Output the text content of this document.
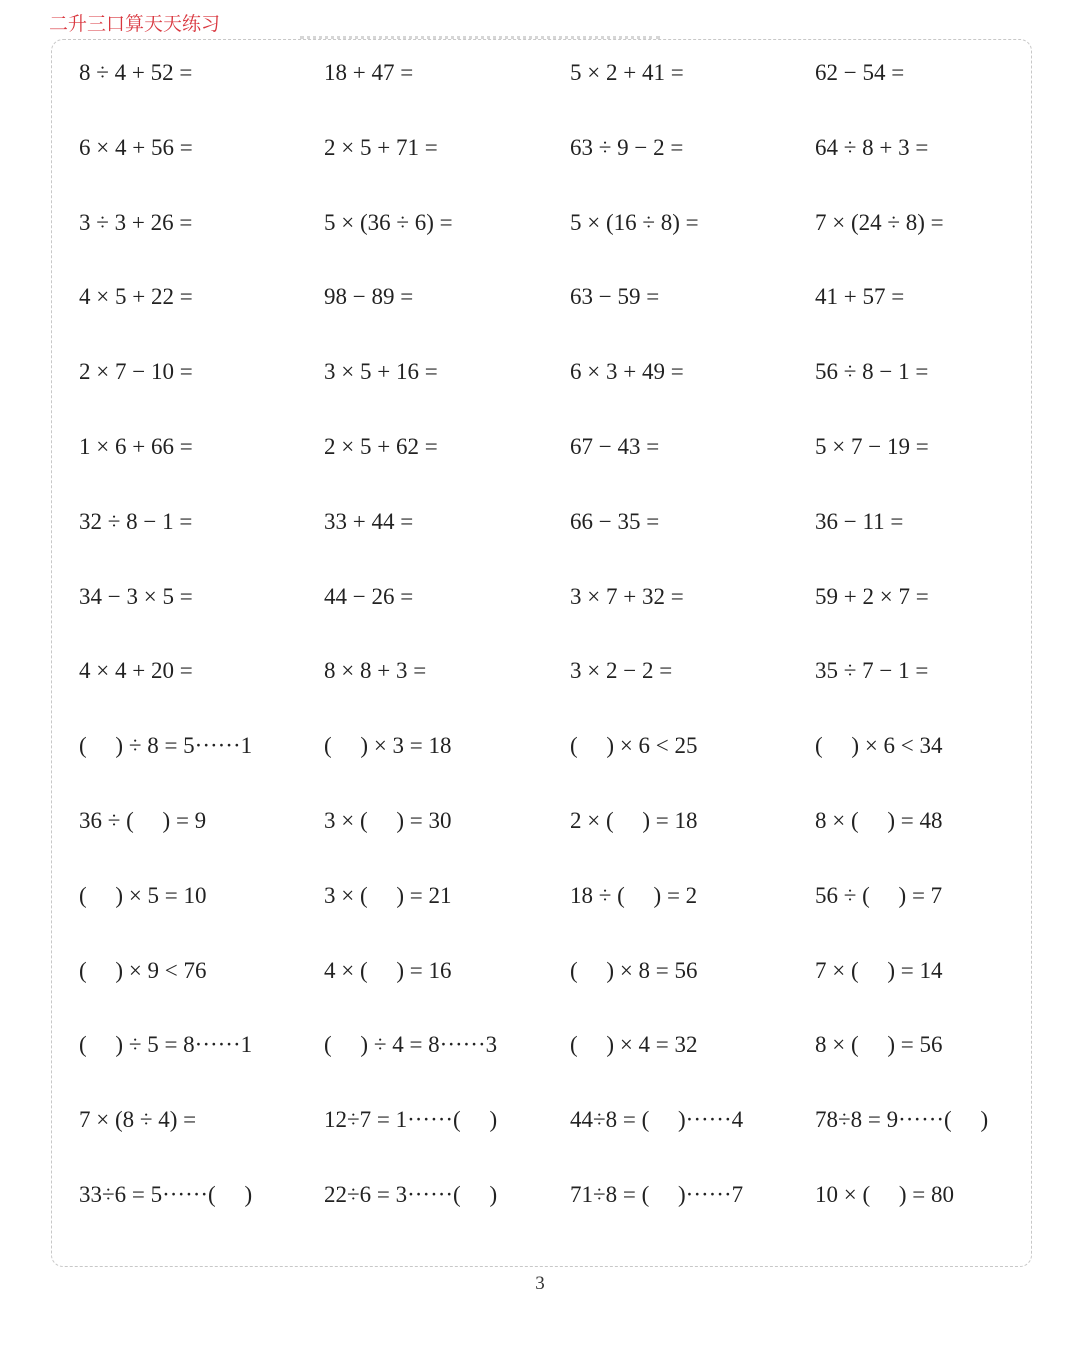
二升三口算天天练习
8 ÷ 4 + 52 =	18 + 47 =	5 × 2 + 41 =	62 − 54 =
6 × 4 + 56 =	2 × 5 + 71 =	63 ÷ 9 − 2 =	64 ÷ 8 + 3 =
3 ÷ 3 + 26 =	5 × (36 ÷ 6) =	5 × (16 ÷ 8) =	7 × (24 ÷ 8) =
4 × 5 + 22 =	98 − 89 =	63 − 59 =	41 + 57 =
2 × 7 − 10 =	3 × 5 + 16 =	6 × 3 + 49 =	56 ÷ 8 − 1 =
1 × 6 + 66 =	2 × 5 + 62 =	67 − 43 =	5 × 7 − 19 =
32 ÷ 8 − 1 =	33 + 44 =	66 − 35 =	36 − 11 =
34 − 3 × 5 =	44 − 26 =	3 × 7 + 32 =	59 + 2 × 7 =
4 × 4 + 20 =	8 × 8 + 3 =	3 × 2 − 2 =	35 ÷ 7 − 1 =
(     ) ÷ 8 = 5······1	(     ) × 3 = 18	(     ) × 6 < 25	(     ) × 6 < 34
36 ÷ (     ) = 9	3 × (     ) = 30	2 × (     ) = 18	8 × (     ) = 48
(     ) × 5 = 10	3 × (     ) = 21	18 ÷ (     ) = 2	56 ÷ (     ) = 7
(     ) × 9 < 76	4 × (     ) = 16	(     ) × 8 = 56	7 × (     ) = 14
(     ) ÷ 5 = 8······1	(     ) ÷ 4 = 8······3	(     ) × 4 = 32	8 × (     ) = 56
7 × (8 ÷ 4) =	12÷7 = 1······(     )	44÷8 = (     )······4	78÷8 = 9······(     )
33÷6 = 5······(     )	22÷6 = 3······(     )	71÷8 = (     )······7	10 × (     ) = 80
3
